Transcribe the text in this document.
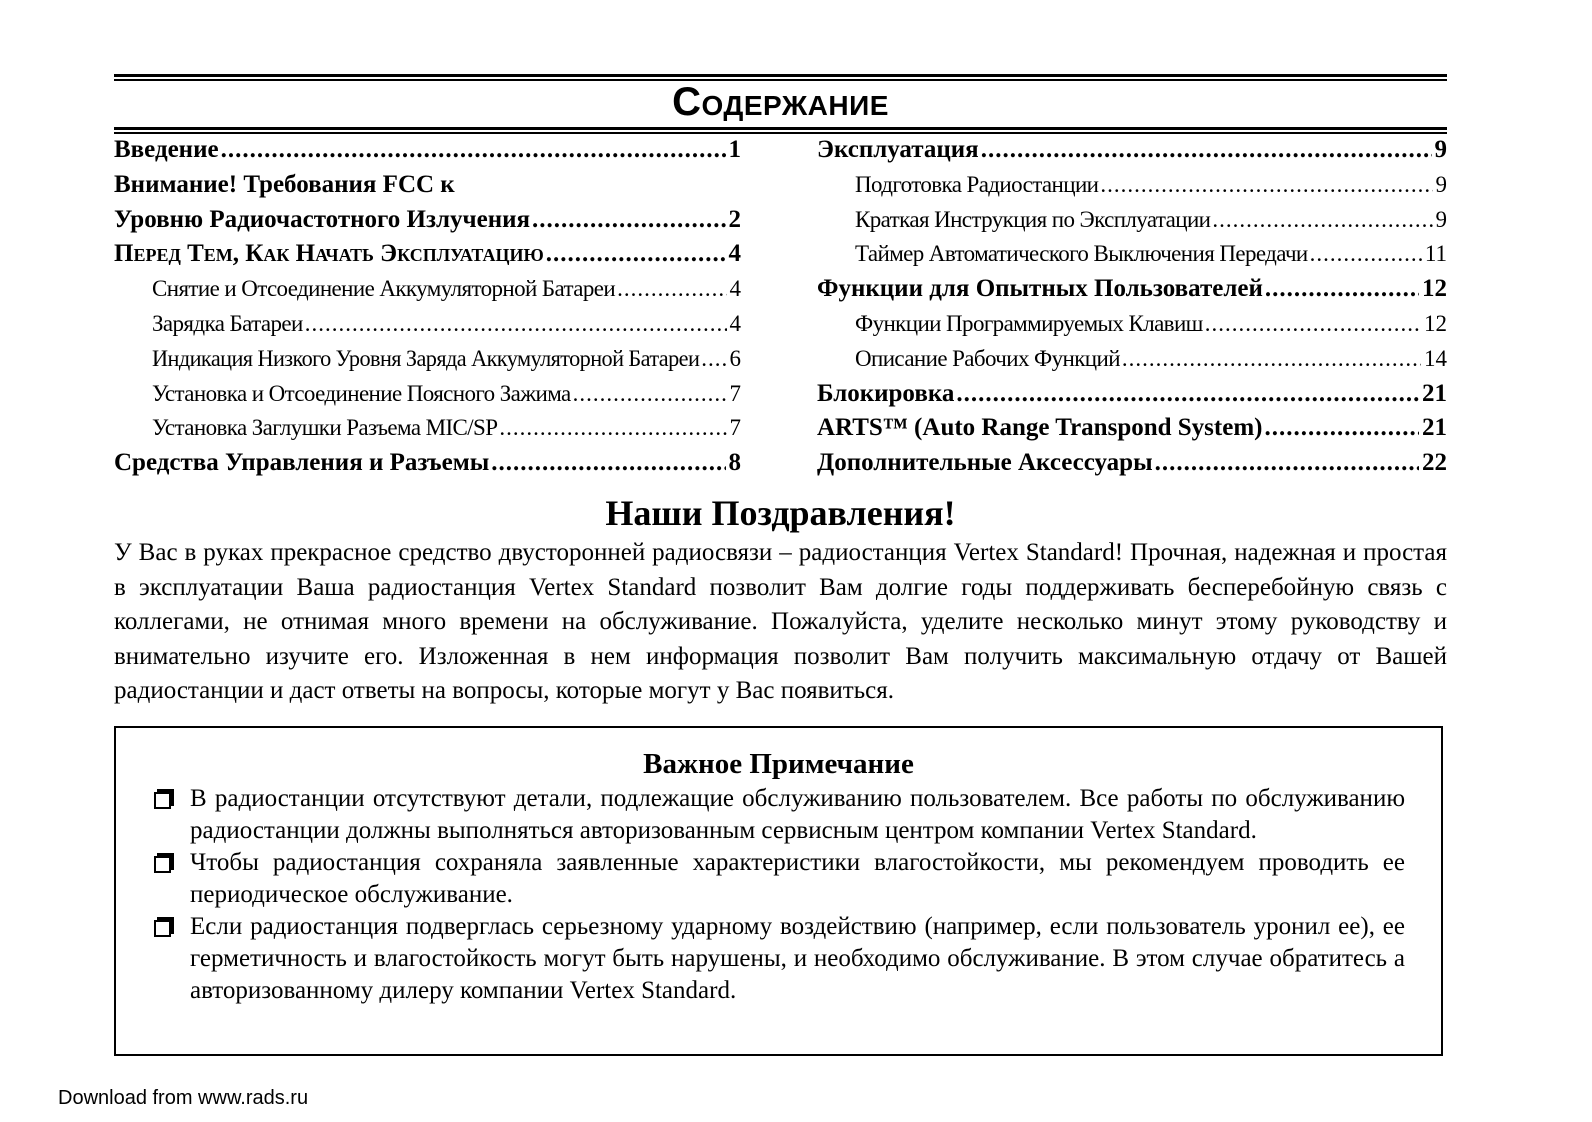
Содержание
Введение .....	1
Внимание! Требования FCC к
Уровню Радиочастотного Излучения .....	2
Перед Тем, Как Начать Эксплуатацию .....	4
Снятие и Отсоединение Аккумуляторной Батареи .....	4
Зарядка Батареи .....	4
Индикация Низкого Уровня Заряда Аккумуляторной Батареи ..... 6
Установка и Отсоединение Поясного Зажима .....	7
Установка Заглушки Разъема MIC/SP .....	7
Средства Управления и Разъемы .....	8
Эксплуатация .....	9
Подготовка Радиостанции .....	9
Краткая Инструкция по Эксплуатации .....	9
Таймер Автоматического Выключения Передачи .....	11
Функции для Опытных Пользователей .....	12
Функции Программируемых Клавиш .....	12
Описание Рабочих Функций .....	14
Блокировка .....	21
ARTS™ (Auto Range Transpond System) .....	21
Дополнительные Аксессуары .....	22
Наши Поздравления!
У Вас в руках прекрасное средство двусторонней радиосвязи – радиостанция Vertex Standard! Прочная, надежная и простая в эксплуатации Ваша радиостанция Vertex Standard позволит Вам долгие годы поддерживать бесперебойную связь с коллегами, не отнимая много времени на обслуживание. Пожалуйста, уделите несколько минут этому руководству и внимательно изучите его. Изложенная в нем информация позволит Вам получить максимальную отдачу от Вашей радиостанции и даст ответы на вопросы, которые могут у Вас появиться.
Важное Примечание
В радиостанции отсутствуют детали, подлежащие обслуживанию пользователем. Все работы по обслуживанию радиостанции должны выполняться авторизованным сервисным центром компании Vertex Standard.
Чтобы радиостанция сохраняла заявленные характеристики влагостойкости, мы рекомендуем проводить ее периодическое обслуживание.
Если радиостанция подверглась серьезному ударному воздействию (например, если пользователь уронил ее), ее герметичность и влагостойкость могут быть нарушены, и необходимо обслуживание. В этом случае обратитесь а авторизованному дилеру компании Vertex Standard.
Download from www.rads.ru
